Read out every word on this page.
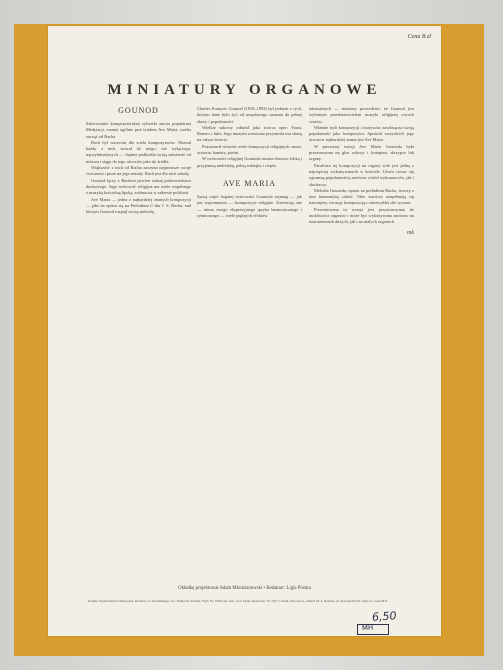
Cena B zł
MINIATURY ORGANOWE
GOUNOD

Szkicowanie kompozytorskiej sylwetki autora popularnej Medytacji, znanej ogólnie pod tytułem Ave Maria, trzeba zacząć od Bacha.

Bach był wzorcem dla wielu kompozytorów. Niemal każdy z nich wracał do niego, nie wyłączając najwybitniejszych — chętnie podkreśla swoją zależność od mistrza i sięga do jego utworów jako do źródła.

Większość z nich od Bacha zaczyna najprostsze swoje ćwiczenia i pisze na jego tematy. Bach jest dla nich szkołą.

Gounod łączy z Bachem pewien rodzaj pokrewieństwa duchowego. Jego twórczość religijna ma wiele wspólnego z muzyką kościelną lipską, zwłaszcza w zakresie polifonii.

Ave Maria — jedna z najbardziej znanych kompozycji — jako że opiera się na Preludium C-dur J. S. Bacha, nad którym Gounod rozpiął swoją melodię.

Charles François Gounod (1818–1893) był jednym z tych, którym dane było żyć od urzędowego uznania do pełnej sławy i popularności.

Wielkie sukcesy odniósł jako twórca oper: Faust, Romeo i Julia. Jego muzyka sceniczna przyniosła mu sławę na całym świecie.

Pozostawił również wiele kompozycji religijnych: msze, oratoria, kantaty, pieśni.

W twórczości religijnej Gounoda można dostrzec lekką i przyjemną melodykę, pełną wdzięku i ciepła.

AVE MARIA

Sporą część bogatej twórczości Gounoda zajmują — jak już wspomniano — kompozycje religijne. Zawierają one — mimo swego ekspresyjnego języka harmonicznego i rytmicznego — wiele pięknych efektów.

tekstualnych — możemy powiedzieć, że Gounod jest wybitnym przedstawicielem muzyki religijnej swoich czasów.

Właśnie tych kompozycji i motywów zawdzięcza swoją popularność jako kompozytor. Spośród wszystkich jego utworów najbardziej znana jest Ave Maria.

W pierwszej wersji Ave Maria Gounoda była przeznaczona na głos solowy i fortepian, skrzypce lub organy.

Parafraza tej kompozycji na organy solo jest jedną z najczęściej wykonywanych w kościele. Utwór cieszy się ogromną popularnością zarówno wśród wykonawców, jak i słuchaczy.

Melodia Gounoda, oparta na preludium Bacha, tworzy z nim harmonijną całość. Obie warstwy uzupełniają się nawzajem, tworząc kompozycję o niezwykłej sile wyrazu.

Prezentowana tu wersja jest przystosowana do możliwości organów i może być wykonywana zarówno na instrumentach dużych, jak i na małych organach.

mk
Okładkę projektował Adam Młodzianowski • Redaktor: Ligia Pórska
Polskie Wydawnictwo Muzyczne, Kraków, al. Krasińskiego 11a. Printed in Poland. Wyd. IV. 1000 egz. Ark. wyd. Druk ukończono IV 1977 r. Druk. Narodowa, Zakład Nr 3, Kraków, ul. Kościuszki 50. Zam. nr. Cena B zł
6,50
MH
